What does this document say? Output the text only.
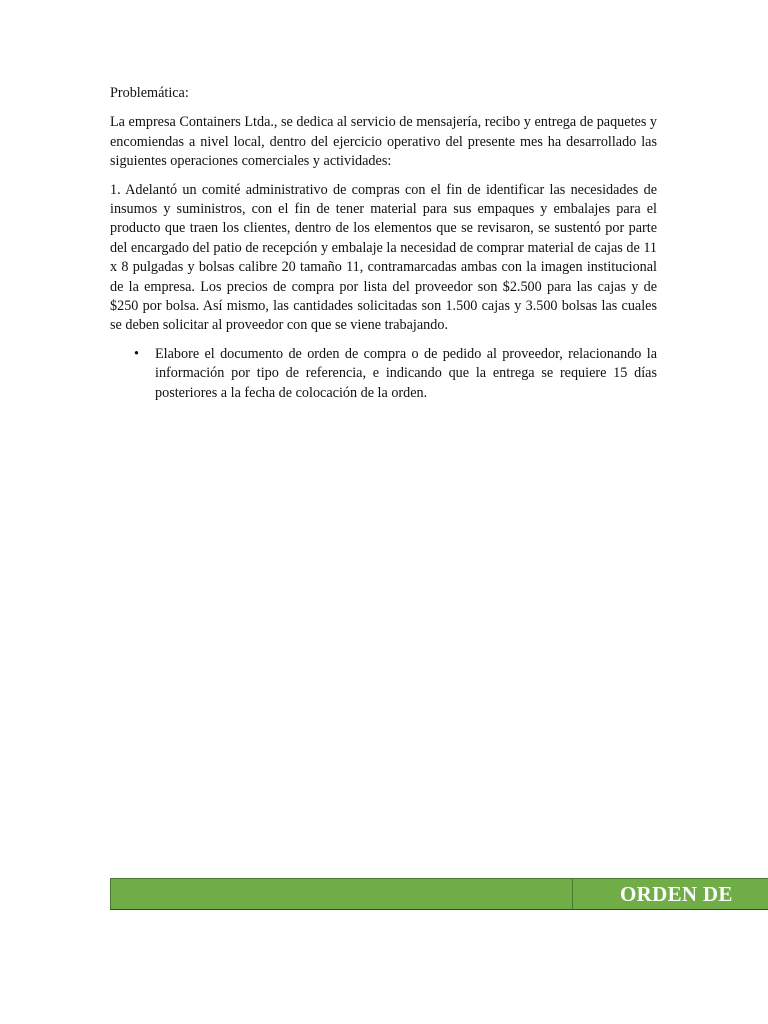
Problemática:

La empresa Containers Ltda., se dedica al servicio de mensajería, recibo y entrega de paquetes y encomiendas a nivel local, dentro del ejercicio operativo del presente mes ha desarrollado las siguientes operaciones comerciales y actividades:

1. Adelantó un comité administrativo de compras con el fin de identificar las necesidades de insumos y suministros, con el fin de tener material para sus empaques y embalajes para el producto que traen los clientes, dentro de los elementos que se revisaron, se sustentó por parte del encargado del patio de recepción y embalaje la necesidad de comprar material de cajas de 11 x 8 pulgadas y bolsas calibre 20 tamaño 11, contramarcadas ambas con la imagen institucional de la empresa. Los precios de compra por lista del proveedor son $2.500 para las cajas y de $250 por bolsa. Así mismo, las cantidades solicitadas son 1.500 cajas y 3.500 bolsas las cuales se deben solicitar al proveedor con que se viene trabajando.

• Elabore el documento de orden de compra o de pedido al proveedor, relacionando la información por tipo de referencia, e indicando que la entrega se requiere 15 días posteriores a la fecha de colocación de la orden.
ORDEN DE
